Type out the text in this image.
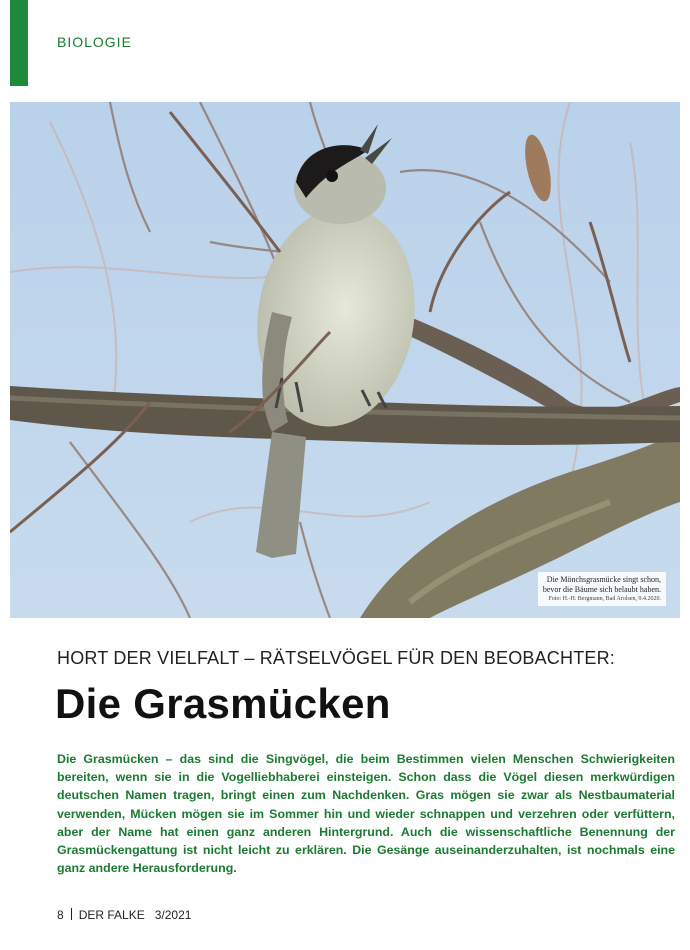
BIOLOGIE
Die Mönchsgrasmücke singt schon,
bevor die Bäume sich belaubt haben.
Foto: H.-H. Bergmann, Bad Arolsen, 9.4.2020.
HORT DER VIELFALT – RÄTSELVÖGEL FÜR DEN BEOBACHTER:
Die Grasmücken
Die Grasmücken – das sind die Singvögel, die beim Bestimmen vielen Menschen Schwierigkeiten bereiten, wenn sie in die Vogelliebhaberei einsteigen. Schon dass die Vögel diesen merkwürdigen deutschen Namen tragen, bringt einen zum Nachdenken. Gras mögen sie zwar als Nestbaumaterial verwenden, Mücken mögen sie im Sommer hin und wieder schnappen und verzehren oder verfüttern, aber der Name hat einen ganz anderen Hintergrund. Auch die wissenschaftliche Benennung der Grasmückengattung ist nicht leicht zu erklären. Die Gesänge auseinanderzuhalten, ist nochmals eine ganz andere Herausforderung.
8 DER FALKE 3/2021
